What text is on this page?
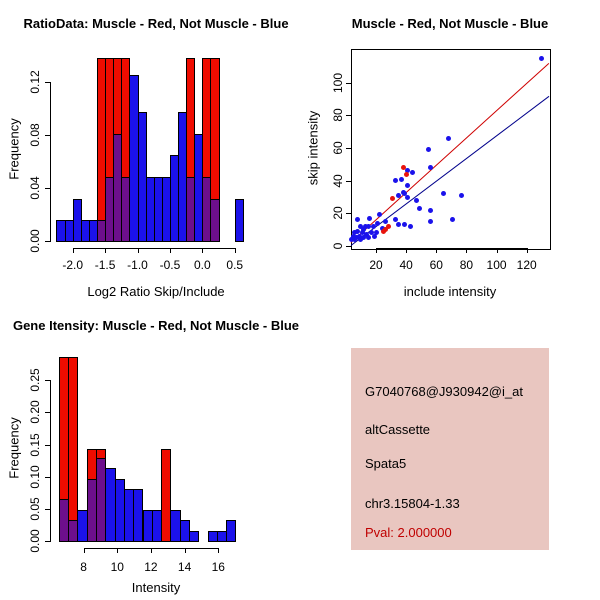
RatioData: Muscle - Red, Not Muscle - Blue
Log2 Ratio Skip/Include
Frequency
-2.0 -1.5 -1.0 -0.5 0.0 0.5
0.00
0.04
0.08
0.12
Muscle - Red, Not Muscle - Blue
include intensity
skip intensity
20 40 60 80 100 120
0
20
40
60
80
100
Gene Itensity: Muscle - Red, Not Muscle - Blue
Intensity
Frequency
8 10 12 14 16
0.00
0.05
0.10
0.15
0.20
0.25	G7040768@J930942@i_at
altCassette
Spata5
chr3.15804-1.33
Pval: 2.000000
